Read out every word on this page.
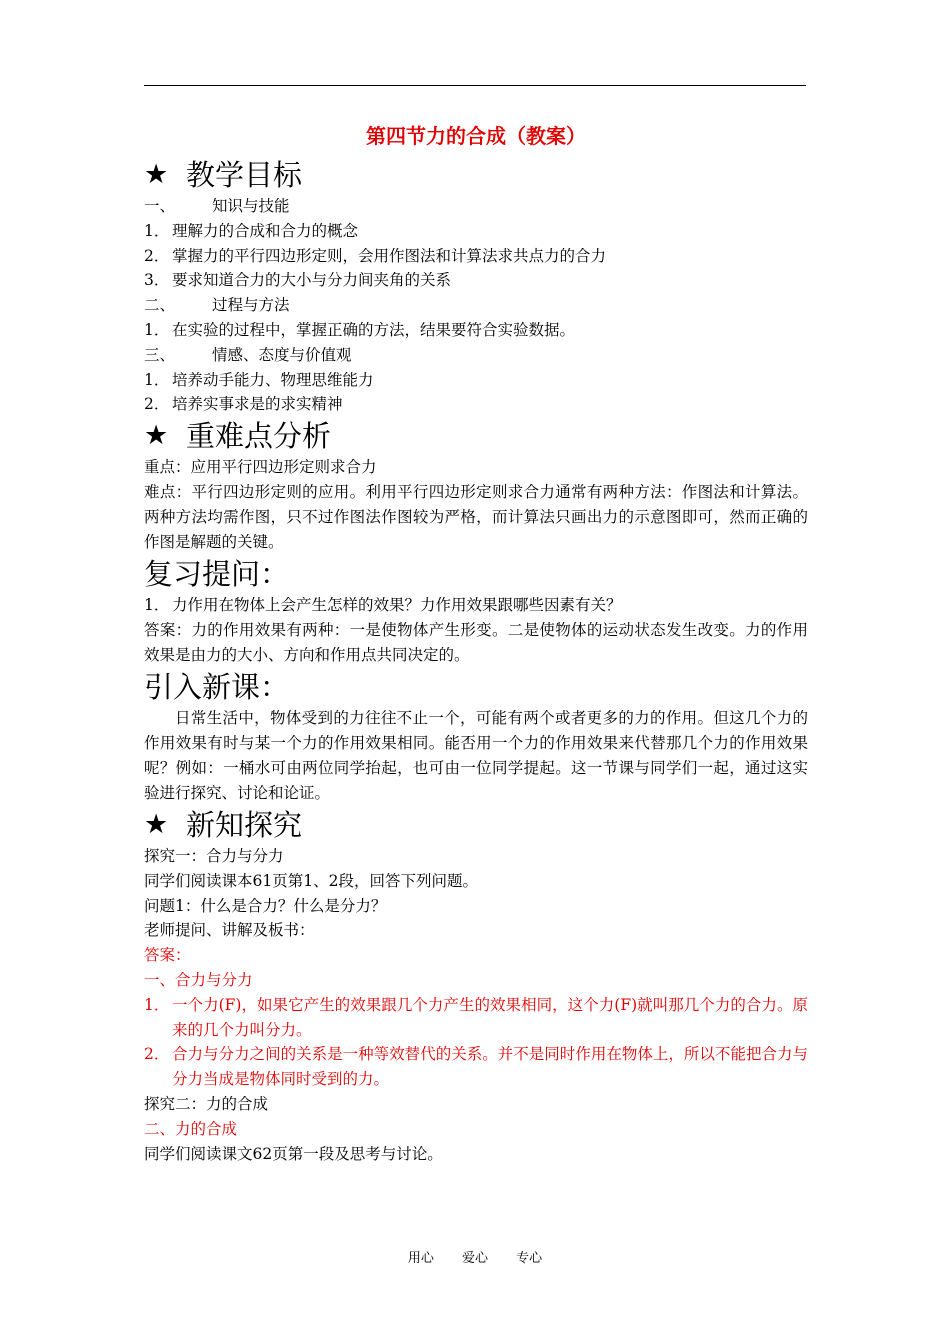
第四节力的合成（教案）
★ 教学目标
一、	知识与技能
1． 理解力的合成和合力的概念
2． 掌握力的平行四边形定则，会用作图法和计算法求共点力的合力
3． 要求知道合力的大小与分力间夹角的关系
二、	过程与方法
1． 在实验的过程中，掌握正确的方法，结果要符合实验数据。
三、	情感、态度与价值观
1． 培养动手能力、物理思维能力
2． 培养实事求是的求实精神
★ 重难点分析
重点：应用平行四边形定则求合力
难点：平行四边形定则的应用。利用平行四边形定则求合力通常有两种方法：作图法和计算法。两种方法均需作图，只不过作图法作图较为严格，而计算法只画出力的示意图即可，然而正确的作图是解题的关键。
复习提问：
1． 力作用在物体上会产生怎样的效果？力作用效果跟哪些因素有关？
答案：力的作用效果有两种：一是使物体产生形变。二是使物体的运动状态发生改变。力的作用效果是由力的大小、方向和作用点共同决定的。
引入新课：
日常生活中，物体受到的力往往不止一个，可能有两个或者更多的力的作用。但这几个力的作用效果有时与某一个力的作用效果相同。能否用一个力的作用效果来代替那几个力的作用效果呢？例如：一桶水可由两位同学抬起，也可由一位同学提起。这一节课与同学们一起，通过这实验进行探究、讨论和论证。
★ 新知探究
探究一：合力与分力
同学们阅读课本61页第1、2段，回答下列问题。
问题1：什么是合力？什么是分力？
老师提问、讲解及板书：
答案：
一、合力与分力
1． 一个力(F)，如果它产生的效果跟几个力产生的效果相同，这个力(F)就叫那几个力的合力。原来的几个力叫分力。
2． 合力与分力之间的关系是一种等效替代的关系。并不是同时作用在物体上，所以不能把合力与分力当成是物体同时受到的力。
探究二：力的合成
二、力的合成
同学们阅读课文62页第一段及思考与讨论。
用心 爱心 专心
